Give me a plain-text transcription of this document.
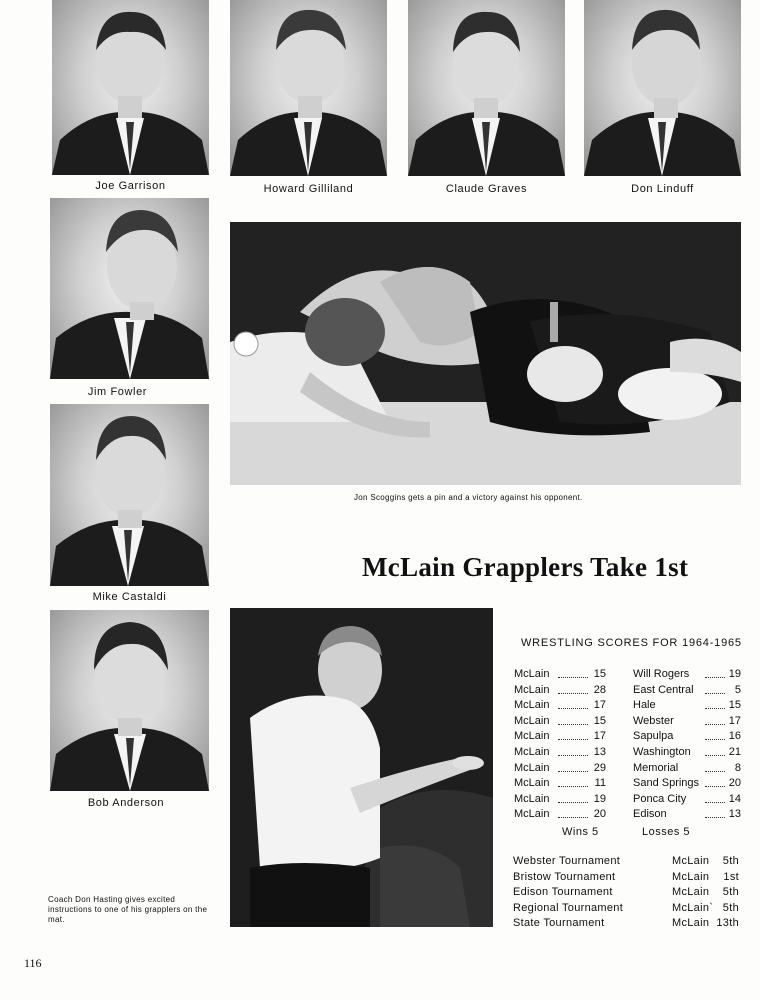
Joe Garrison	Howard Gilliland	Claude Graves	Don Linduff
Jim Fowler
Mike Castaldi
Bob Anderson
Jon Scoggins gets a pin and a victory against his opponent.
McLain Grapplers Take 1st
Coach Don Hasting gives excited instructions to one of his grapplers on the mat.
WRESTLING SCORES FOR 1964-1965
McLain	15 Will Rogers	19
McLain	28 East Central	5
McLain	17 Hale	15
McLain	15 Webster	17
McLain	17 Sapulpa	16
McLain	13 Washington	21
McLain	29 Memorial	8
McLain	11 Sand Springs	20
McLain	19 Ponca City	14
McLain	20 Edison	13
Wins 5	Losses 5
Webster Tournament	McLain 5th
Bristow Tournament	McLain 1st
Edison Tournament	McLain 5th
Regional Tournament	McLain` 5th
State Tournament	McLain 13th
116
